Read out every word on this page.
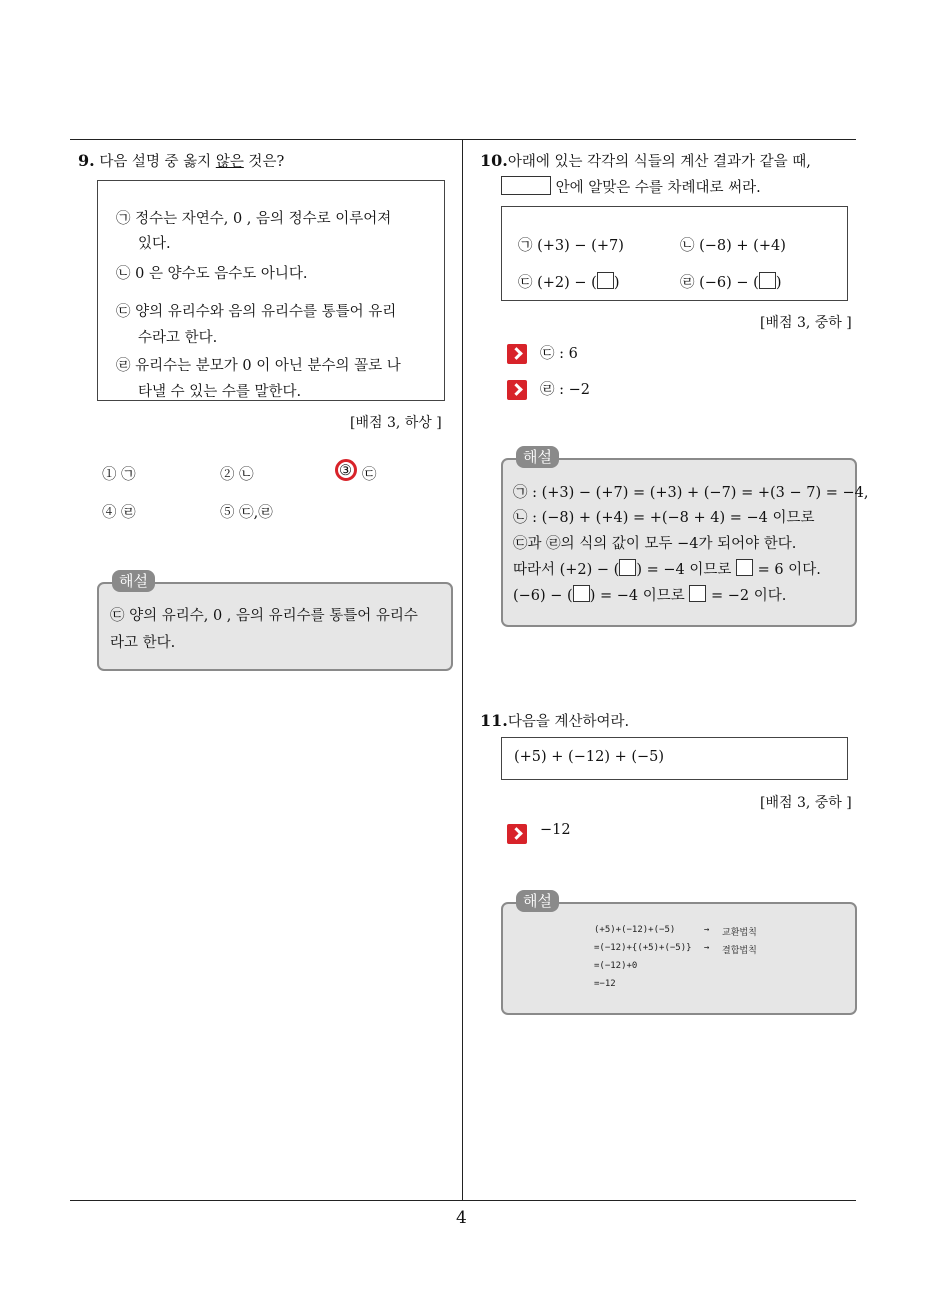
9. 다음 설명 중 옳지 않은 것은?
㉠ 정수는 자연수, 0 , 음의 정수로 이루어져
있다.
㉡ 0 은 양수도 음수도 아니다.
㉢ 양의 유리수와 음의 유리수를 통틀어 유리
수라고 한다.
㉣ 유리수는 분모가 0 이 아닌 분수의 꼴로 나
타낼 수 있는 수를 말한다.
[배점 3, 하상 ]
① ㉠	② ㉡	③ ㉢
④ ㉣	⑤ ㉢,㉣
해설
㉢ 양의 유리수, 0 , 음의 유리수를 통틀어 유리수
라고 한다.
10.아래에 있는 각각의 식들의 계산 결과가 같을 때,
안에 알맞은 수를 차례대로 써라.
㉠ (+3) − (+7)	㉡ (−8) + (+4)
㉢ (+2) − ( )	㉣ (−6) − ( )
[배점 3, 중하 ]
㉢ : 6
㉣ : −2
해설
㉠ : (+3) − (+7) = (+3) + (−7) = +(3 − 7) = −4,
㉡ : (−8) + (+4) = +(−8 + 4) = −4 이므로
㉢과 ㉣의 식의 값이 모두 −4가 되어야 한다.
따라서 (+2) − ( ) = −4 이므로 = 6 이다.
(−6) − ( ) = −4 이므로 = −2 이다.
11.다음을 계산하여라.
(+5) + (−12) + (−5)
[배점 3, 중하 ]
−12
해설
(+5)+(−12)+(−5)	→ 교환법칙
=(−12)+{(+5)+(−5)} → 결합법칙
=(−12)+0
=−12
4
